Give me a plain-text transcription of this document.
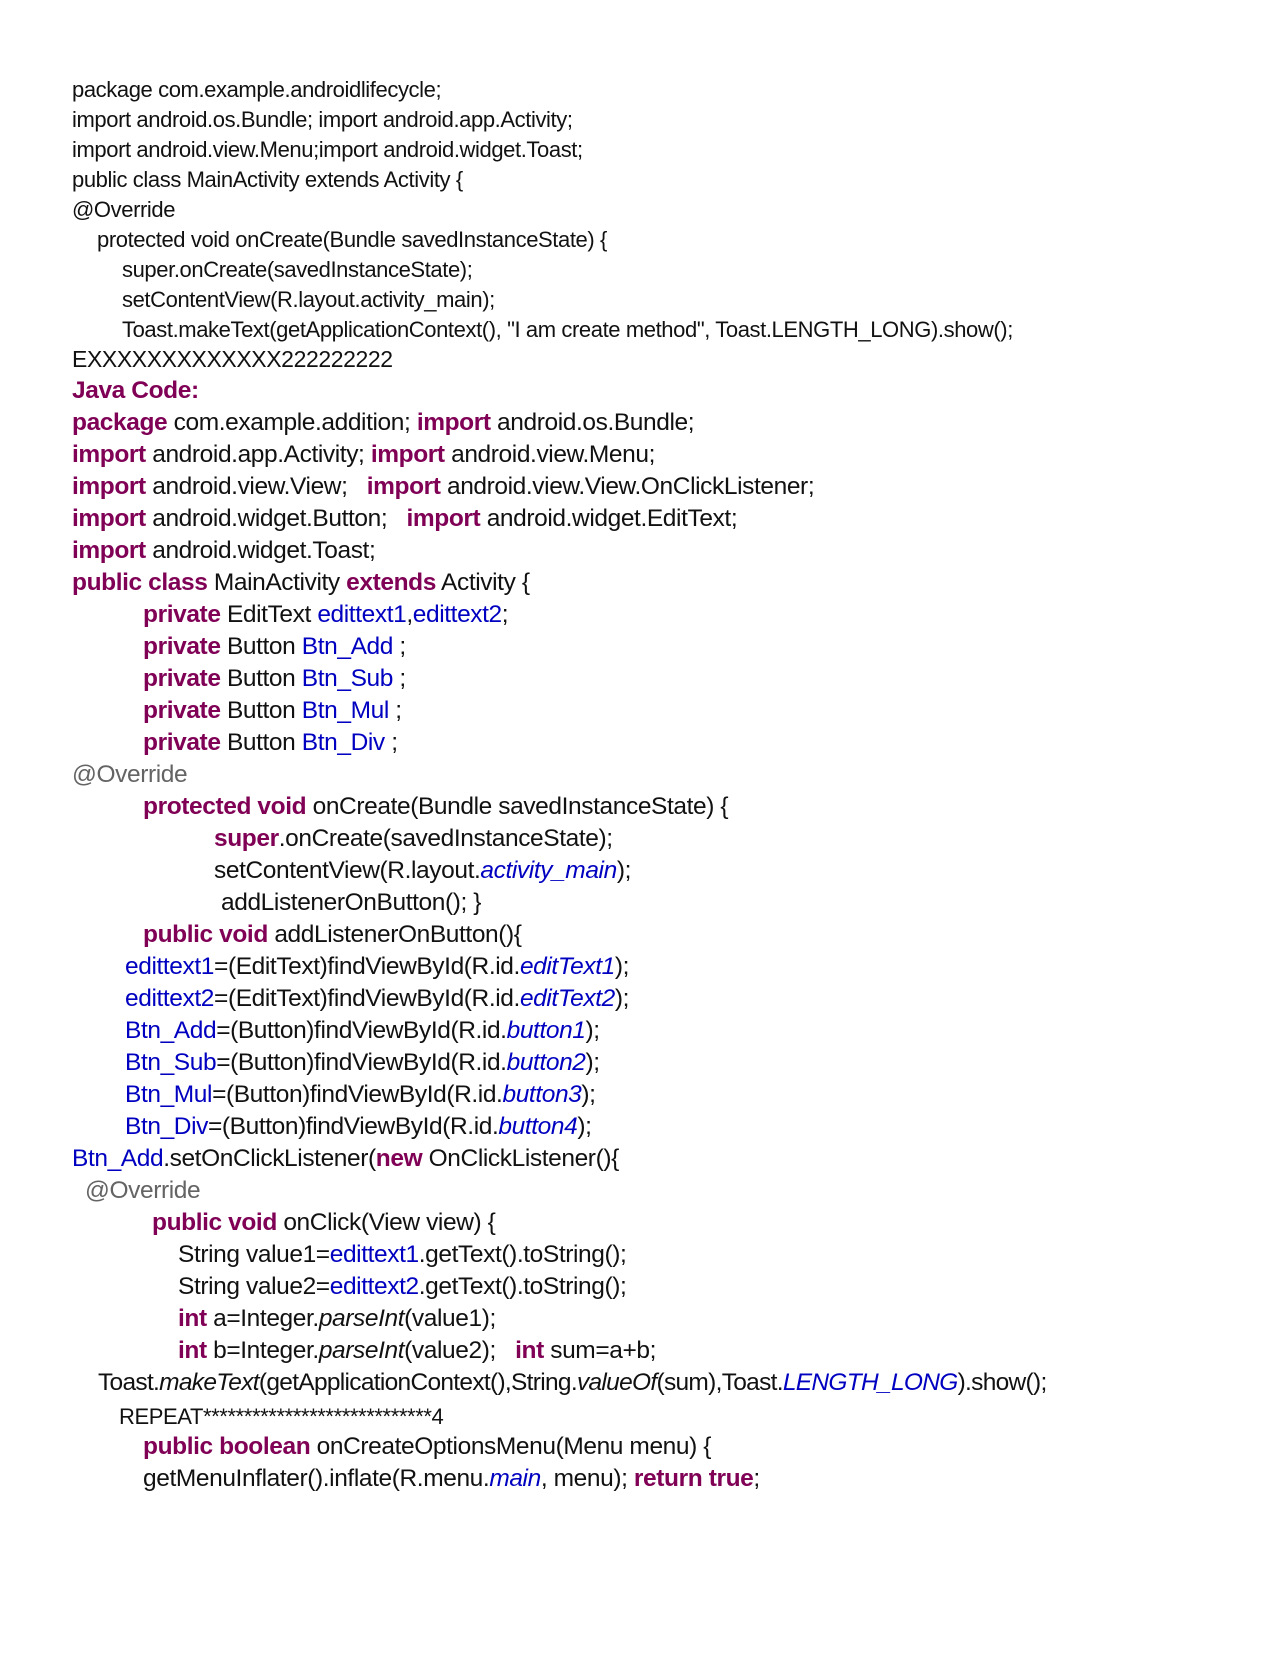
package com.example.androidlifecycle;
import android.os.Bundle; import android.app.Activity;
import android.view.Menu;import android.widget.Toast;
public class MainActivity extends Activity {
@Override
protected void onCreate(Bundle savedInstanceState) {
super.onCreate(savedInstanceState);
setContentView(R.layout.activity_main);
Toast.makeText(getApplicationContext(), "I am create method", Toast.LENGTH_LONG).show();
EXXXXXXXXXXXXX222222222
Java Code:
package com.example.addition; import android.os.Bundle;
import android.app.Activity; import android.view.Menu;
import android.view.View;   import android.view.View.OnClickListener;
import android.widget.Button;   import android.widget.EditText;
import android.widget.Toast;
public class MainActivity extends Activity {
private EditText edittext1,edittext2;
private Button Btn_Add ;
private Button Btn_Sub ;
private Button Btn_Mul ;
private Button Btn_Div ;
@Override
protected void onCreate(Bundle savedInstanceState) {
super.onCreate(savedInstanceState);
setContentView(R.layout.activity_main);
addListenerOnButton(); }
public void addListenerOnButton(){
edittext1=(EditText)findViewById(R.id.editText1);
edittext2=(EditText)findViewById(R.id.editText2);
Btn_Add=(Button)findViewById(R.id.button1);
Btn_Sub=(Button)findViewById(R.id.button2);
Btn_Mul=(Button)findViewById(R.id.button3);
Btn_Div=(Button)findViewById(R.id.button4);
Btn_Add.setOnClickListener(new OnClickListener(){
@Override
public void onClick(View view) {
String value1=edittext1.getText().toString();
String value2=edittext2.getText().toString();
int a=Integer.parseInt(value1);
int b=Integer.parseInt(value2);   int sum=a+b;
Toast.makeText(getApplicationContext(),String.valueOf(sum),Toast.LENGTH_LONG).show();
REPEAT****************************4
public boolean onCreateOptionsMenu(Menu menu) {
getMenuInflater().inflate(R.menu.main, menu); return true;
